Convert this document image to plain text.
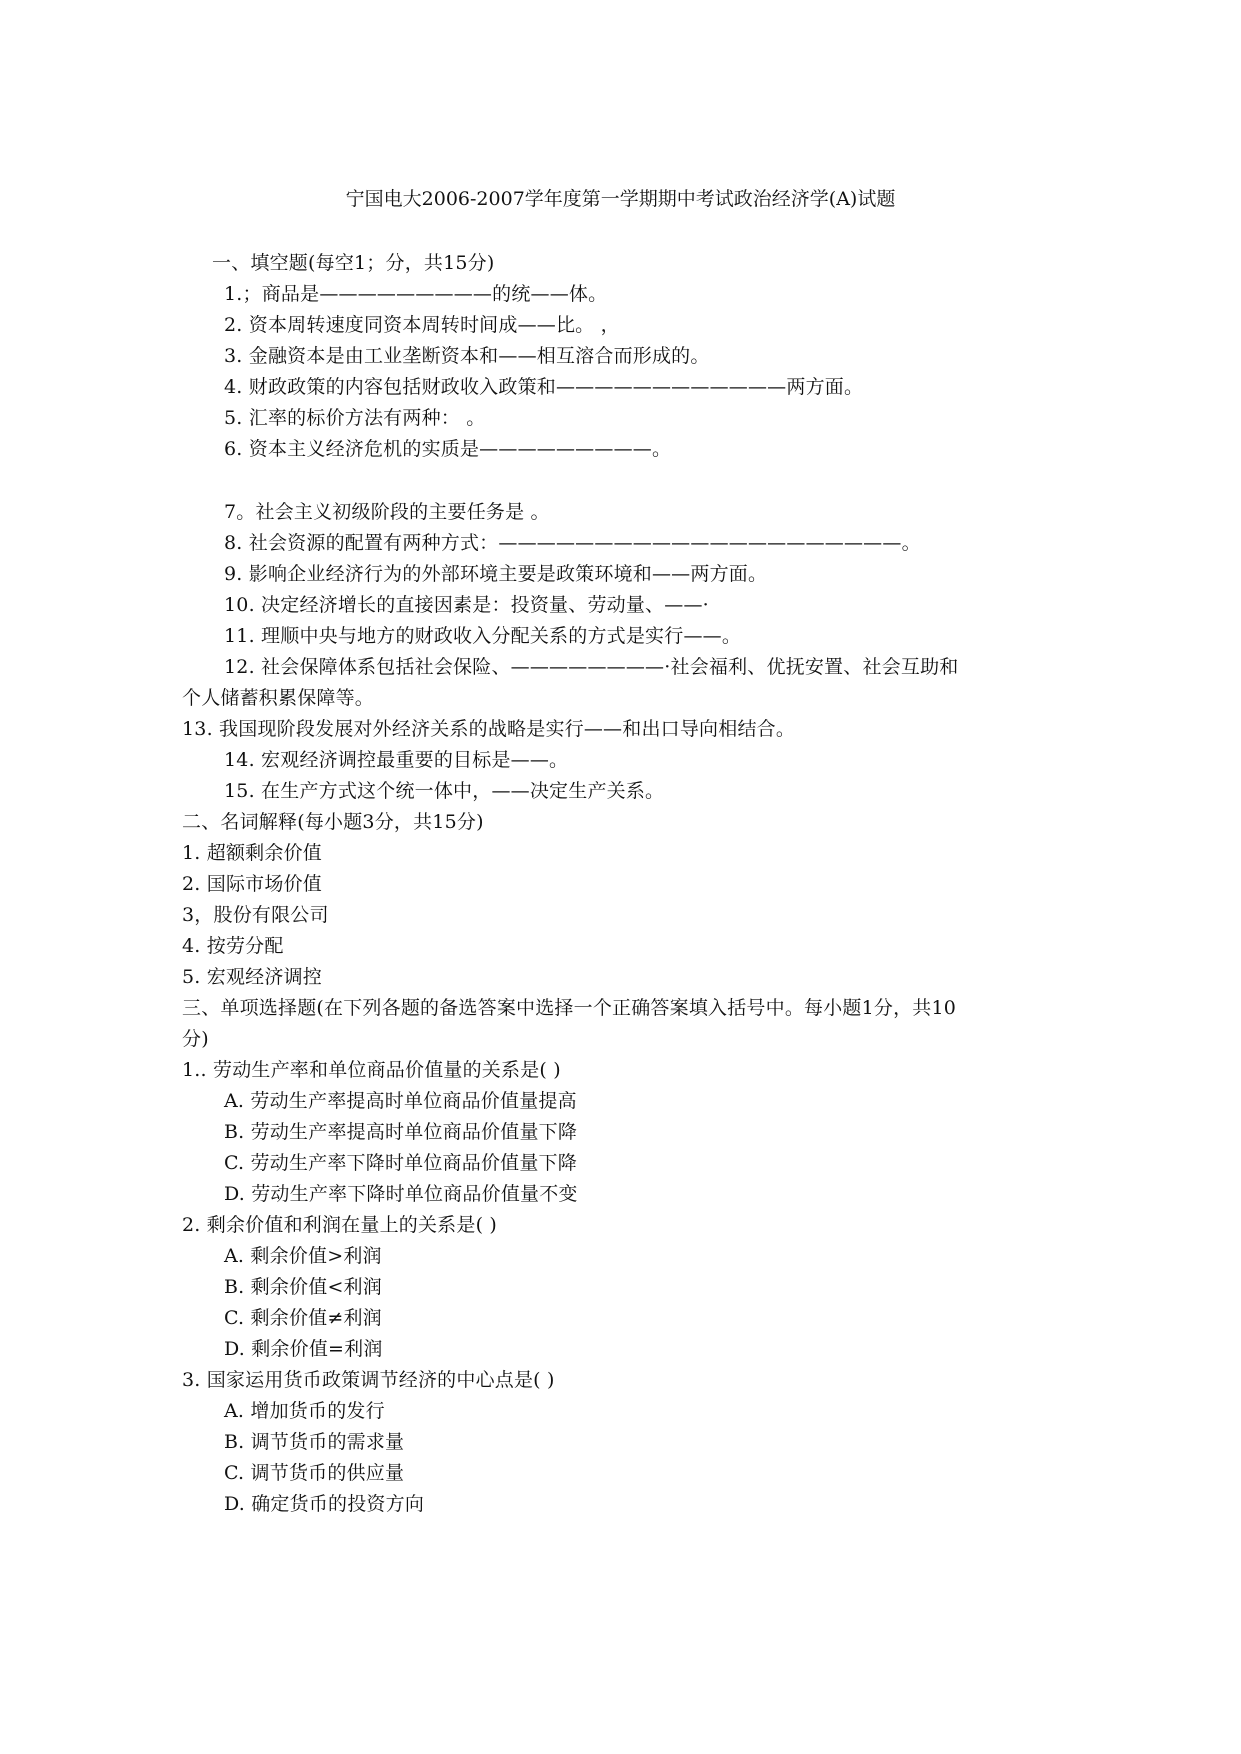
宁国电大2006-2007学年度第一学期期中考试政治经济学(A)试题
一、填空题(每空1；分，共15分)
1.；商品是—————————的统——体。
2. 资本周转速度同资本周转时间成——比。 ，
3. 金融资本是由工业垄断资本和——相互溶合而形成的。
4. 财政政策的内容包括财政收入政策和————————————两方面。
5. 汇率的标价方法有两种： 。
6. 资本主义经济危机的实质是—————————。
7。社会主义初级阶段的主要任务是 。
8. 社会资源的配置有两种方式：—————————————————————。
9. 影响企业经济行为的外部环境主要是政策环境和——两方面。
10. 决定经济增长的直接因素是：投资量、劳动量、——·
11. 理顺中央与地方的财政收入分配关系的方式是实行——。
12. 社会保障体系包括社会保险、————————·社会福利、优抚安置、社会互助和
个人储蓄积累保障等。
13. 我国现阶段发展对外经济关系的战略是实行——和出口导向相结合。
14. 宏观经济调控最重要的目标是——。
15. 在生产方式这个统一体中，——决定生产关系。
二、名词解释(每小题3分，共15分)
1. 超额剩余价值
2. 国际市场价值
3，股份有限公司
4. 按劳分配
5. 宏观经济调控
三、单项选择题(在下列各题的备选答案中选择一个正确答案填入括号中。每小题1分，共10
分)
1.. 劳动生产率和单位商品价值量的关系是( )
A. 劳动生产率提高时单位商品价值量提高
B. 劳动生产率提高时单位商品价值量下降
C. 劳动生产率下降时单位商品价值量下降
D. 劳动生产率下降时单位商品价值量不变
2. 剩余价值和利润在量上的关系是( )
A. 剩余价值>利润
B. 剩余价值<利润
C. 剩余价值≠利润
D. 剩余价值=利润
3. 国家运用货币政策调节经济的中心点是( )
A. 增加货币的发行
B. 调节货币的需求量
C. 调节货币的供应量
D. 确定货币的投资方向
